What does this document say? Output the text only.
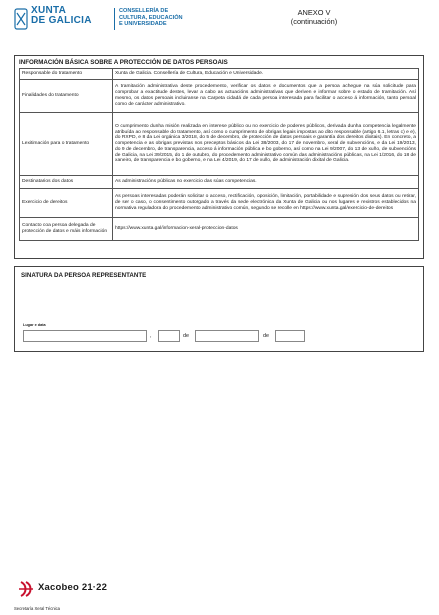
XUNTA
DE GALICIA
CONSELLERÍA DE
CULTURA, EDUCACIÓN
E UNIVERSIDADE
ANEXO V
(continuación)
INFORMACIÓN BÁSICA SOBRE A PROTECCIÓN DE DATOS PERSOAIS
Responsable do tratamento	Xunta de Galicia. Consellería de Cultura, Educación e Universidade.
Finalidades do tratamento	A tramitación administrativa deste procedemento, verificar os datos e documentos que a persoa achegue na súa solicitude para comprobar a exactitude destes, levar a cabo as actuacións administrativas que deriven e informar sobre o estado de tramitación. Así mesmo, os datos persoais incluiranse na Carpeta cidadá de cada persoa interesada para facilitar o acceso á información, tanto persoal como de carácter administrativo.
Lexitimación para o tratamento	O cumprimento dunha misión realizada en interese público ou no exercicio de poderes públicos, derivada dunha competencia legalmente atribuída ao responsable do tratamento, así como o cumprimento de obrigas legais impostas ao dito responsable (artigo 6.1, letras c) e e), do RXPD, e 8 da Lei orgánica 3/2018, do 5 de decembro, de protección de datos persoais e garantía dos dereitos dixitais). En concreto, a competencia e as obrigas previstas nos preceptos básicos da Lei 38/2003, do 17 de novembro, xeral de subvencións, e da Lei 19/2013, do 9 de decembro, de transparencia, acceso á información pública e bo goberno, así como na Lei 9/2007, do 13 de xuño, de subvencións de Galicia, na Lei 39/2015, do 1 de outubro, do procedemento administrativo común das administracións públicas, na Lei 1/2016, do 18 de xaneiro, de transparencia e bo goberno, e na Lei 4/2019, do 17 de xullo, de administración dixital de Galicia.
Destinatarios dos datos	As administracións públicas no exercicio das súas competencias.
Exercicio de dereitos	As persoas interesadas poderán solicitar o acceso, rectificación, oposición, limitación, portabilidade e supresión dos seus datos ou retirar, de ser o caso, o consentimento outorgado a través da sede electrónica da Xunta de Galicia ou nos lugares e rexistros establecidos na normativa reguladora do procedemento administrativo común, segundo se recolle en https://www.xunta.gal/exercicio-de-dereitos
Contacto coa persoa delegada de protección de datos e máis información	https://www.xunta.gal/informacion-xeral-proteccion-datos
SINATURA DA PERSOA REPRESENTANTE
Lugar e data
,	de	de
Xacobeo 21·22
Secretaría Xeral Técnica
